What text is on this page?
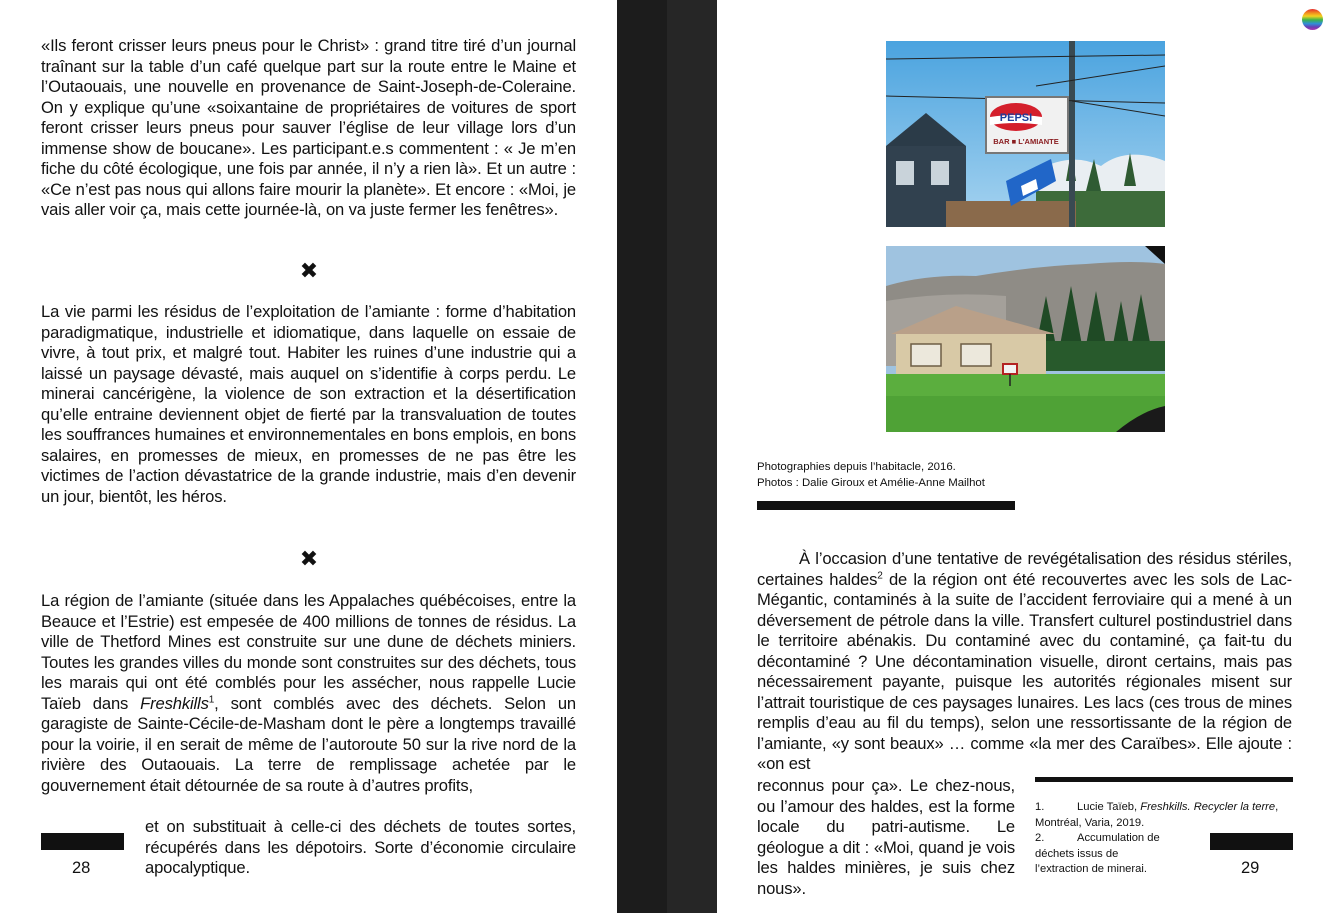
«Ils feront crisser leurs pneus pour le Christ» : grand titre tiré d’un journal traînant sur la table d’un café quelque part sur la route entre le Maine et l’Outaouais, une nouvelle en provenance de Saint-Joseph-de-Coleraine. On y explique qu’une «soixantaine de propriétaires de voitures de sport feront crisser leurs pneus pour sauver l’église de leur village lors d’un immense show de boucane». Les participant.e.s commentent : « Je m’en fiche du côté écologique, une fois par année, il n’y a rien là». Et un autre : «Ce n’est pas nous qui allons faire mourir la planète». Et encore : «Moi, je vais aller voir ça, mais cette journée-là, on va juste fermer les fenêtres».

✖

La vie parmi les résidus de l’exploitation de l’amiante : forme d’habitation paradigmatique, industrielle et idiomatique, dans laquelle on essaie de vivre, à tout prix, et malgré tout. Habiter les ruines d’une industrie qui a laissé un paysage dévasté, mais auquel on s’identifie à corps perdu. Le minerai cancérigène, la violence de son extraction et la désertification qu’elle entraine deviennent objet de fierté par la transvaluation de toutes les souffrances humaines et environnementales en bons emplois, en bons salaires, en promesses de mieux, en promesses de ne pas être les victimes de l’action dévastatrice de la grande industrie, mais d’en devenir un jour, bientôt, les héros.

✖

La région de l’amiante (située dans les Appalaches québécoises, entre la Beauce et l’Estrie) est empesée de 400 millions de tonnes de résidus. La ville de Thetford Mines est construite sur une dune de déchets miniers. Toutes les grandes villes du monde sont construites sur des déchets, tous les marais qui ont été comblés pour les assécher, nous rappelle Lucie Taïeb dans Freshkills$^1$, sont comblés avec des déchets. Selon un garagiste de Sainte-Cécile-de-Masham dont le père a longtemps travaillé pour la voirie, il en serait de même de l’autoroute 50 sur la rive nord de la rivière des Outaouais. La terre de remplissage achetée par le gouvernement était détournée de sa route à d’autres profits,

et on substituait à celle-ci des déchets de toutes sortes, récupérés dans les dépotoirs. Sorte d’économie circulaire apocalyptique.

28
PEPSI
BAR ■ L'AMIANTE

Photographies depuis l’habitacle, 2016.
Photos : Dalie Giroux et Amélie-Anne Mailhot

À l’occasion d’une tentative de revégétalisation des résidus stériles, certaines haldes$^2$ de la région ont été recouvertes avec les sols de Lac-Mégantic, contaminés à la suite de l’accident ferroviaire qui a mené à un déversement de pétrole dans la ville. Transfert culturel postindustriel dans le territoire abénakis. Du contaminé avec du contaminé, ça fait-tu du décontaminé ? Une décontamination visuelle, diront certains, mais pas nécessairement payante, puisque les autorités régionales misent sur l’attrait touristique de ces paysages lunaires. Les lacs (ces trous de mines remplis d’eau au fil du temps), selon une ressortissante de la région de l’amiante, «y sont beaux» … comme «la mer des Caraïbes». Elle ajoute : «on est

reconnus pour ça». Le chez-nous, ou l’amour des haldes, est la forme locale du patri-autisme. Le géologue a dit : «Moi, quand je vois les haldes minières, je suis chez nous».

1.	Lucie Taïeb, Freshkills. Recycler la terre, Montréal, Varia, 2019.
2.	Accumulation de déchets issus de l’extraction de minerai.	29
